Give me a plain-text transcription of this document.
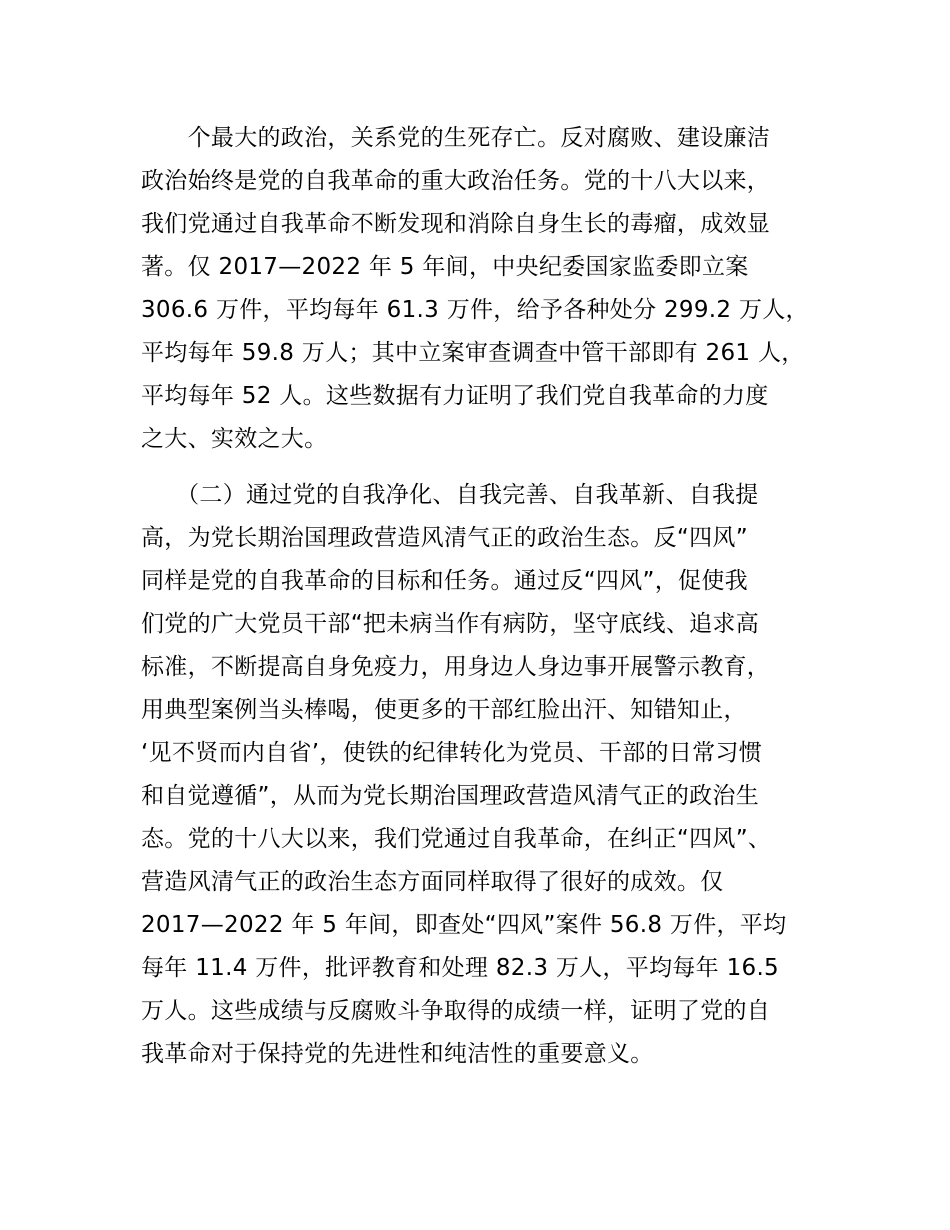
　　个最大的政治，关系党的生死存亡。反对腐败、建设廉洁
政治始终是党的自我革命的重大政治任务。党的十八大以来，
我们党通过自我革命不断发现和消除自身生长的毒瘤，成效显
著。仅 2017—2022 年 5 年间，中央纪委国家监委即立案
306.6 万件，平均每年 61.3 万件，给予各种处分 299.2 万人，
平均每年 59.8 万人；其中立案审查调查中管干部即有 261 人，
平均每年 52 人。这些数据有力证明了我们党自我革命的力度
之大、实效之大。
　　（二）通过党的自我净化、自我完善、自我革新、自我提
高，为党长期治国理政营造风清气正的政治生态。反“四风”
同样是党的自我革命的目标和任务。通过反“四风”，促使我
们党的广大党员干部“把未病当作有病防，坚守底线、追求高
标准，不断提高自身免疫力，用身边人身边事开展警示教育，
用典型案例当头棒喝，使更多的干部红脸出汗、知错知止，
‘见不贤而内自省’，使铁的纪律转化为党员、干部的日常习惯
和自觉遵循”，从而为党长期治国理政营造风清气正的政治生
态。党的十八大以来，我们党通过自我革命，在纠正“四风”、
营造风清气正的政治生态方面同样取得了很好的成效。仅
2017—2022 年 5 年间，即查处“四风”案件 56.8 万件，平均
每年 11.4 万件，批评教育和处理 82.3 万人，平均每年 16.5
万人。这些成绩与反腐败斗争取得的成绩一样，证明了党的自
我革命对于保持党的先进性和纯洁性的重要意义。
